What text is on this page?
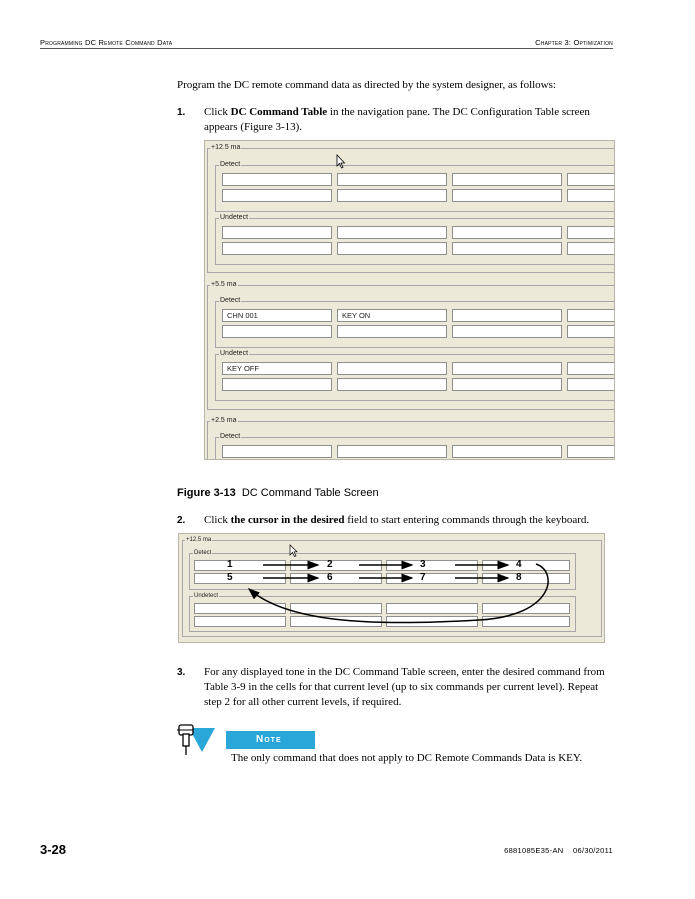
Programming DC Remote Command Data	Chapter 3: Optimization
Program the DC remote command data as directed by the system designer, as follows:
1. Click DC Command Table in the navigation pane. The DC Configuration Table screen appears (Figure 3-13).
+12.5 ma
Detect
Undetect
+5.5 ma
Detect
CHN 001	KEY ON
Undetect
KEY OFF
+2.5 ma
Detect
Figure 3-13 DC Command Table Screen
2. Click the cursor in the desired field to start entering commands through the keyboard.
+12.5 ma
Detect
Undetect
1	2	3	4
5	6	7	8
3. For any displayed tone in the DC Command Table screen, enter the desired command from Table 3-9 in the cells for that current level (up to six commands per current level). Repeat step 2 for all other current levels, if required.
Note
The only command that does not apply to DC Remote Commands Data is KEY.
3-28	6881085E35-AN 06/30/2011
